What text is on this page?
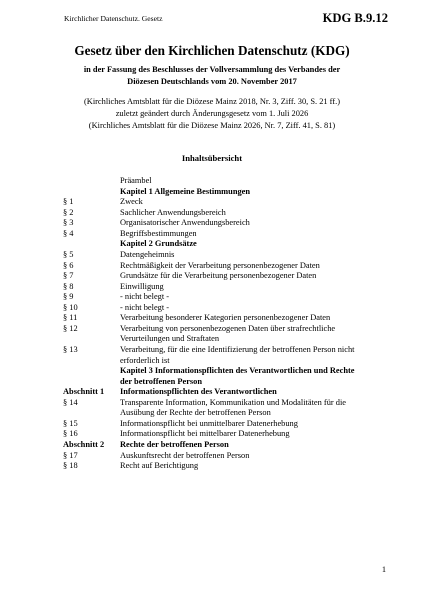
Kirchlicher Datenschutz. Gesetz	KDG B.9.12
Gesetz über den Kirchlichen Datenschutz (KDG)
in der Fassung des Beschlusses der Vollversammlung des Verbandes der
Diözesen Deutschlands vom 20. November 2017
(Kirchliches Amtsblatt für die Diözese Mainz 2018, Nr. 3, Ziff. 30, S. 21 ff.)
zuletzt geändert durch Änderungsgesetz vom 1. Juli 2026
(Kirchliches Amtsblatt für die Diözese Mainz 2026, Nr. 7, Ziff. 41, S. 81)
Inhaltsübersicht
Präambel
Kapitel 1 Allgemeine Bestimmungen
§ 1	Zweck
§ 2	Sachlicher Anwendungsbereich
§ 3	Organisatorischer Anwendungsbereich
§ 4	Begriffsbestimmungen
Kapitel 2 Grundsätze
§ 5	Datengeheimnis
§ 6	Rechtmäßigkeit der Verarbeitung personenbezogener Daten
§ 7	Grundsätze für die Verarbeitung personenbezogener Daten
§ 8	Einwilligung
§ 9	- nicht belegt -
§ 10	- nicht belegt -
§ 11	Verarbeitung besonderer Kategorien personenbezogener Daten
§ 12	Verarbeitung von personenbezogenen Daten über strafrechtliche
Verurteilungen und Straftaten
§ 13	Verarbeitung, für die eine Identifizierung der betroffenen Person nicht
erforderlich ist
Kapitel 3 Informationspflichten des Verantwortlichen und Rechte
der betroffenen Person
Abschnitt 1	Informationspflichten des Verantwortlichen
§ 14	Transparente Information, Kommunikation und Modalitäten für die
Ausübung der Rechte der betroffenen Person
§ 15	Informationspflicht bei unmittelbarer Datenerhebung
§ 16	Informationspflicht bei mittelbarer Datenerhebung
Abschnitt 2	Rechte der betroffenen Person
§ 17	Auskunftsrecht der betroffenen Person
§ 18	Recht auf Berichtigung
1
